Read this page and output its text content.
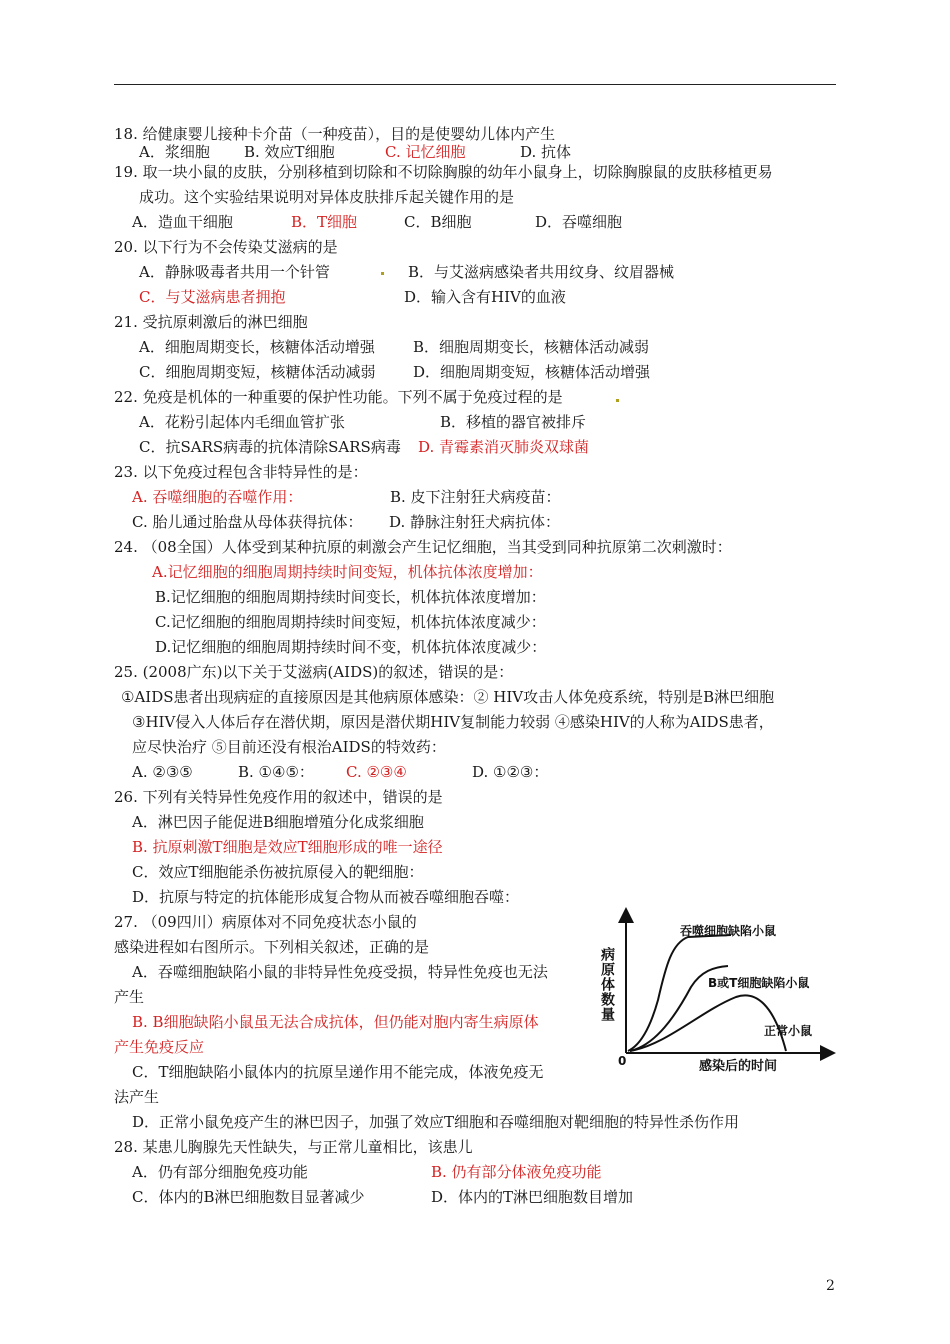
18. 给健康婴儿接种卡介苗（一种疫苗），目的是使婴幼儿体内产生
A．浆细胞 B. 效应T细胞	C. 记忆细胞	D. 抗体
19. 取一块小鼠的皮肤，分别移植到切除和不切除胸腺的幼年小鼠身上，切除胸腺鼠的皮肤移植更易
成功。这个实验结果说明对异体皮肤排斥起关键作用的是
A．造血干细胞	B．T细胞	C．B细胞	D．吞噬细胞
20. 以下行为不会传染艾滋病的是
A．静脉吸毒者共用一个针管	B．与艾滋病感染者共用纹身、纹眉器械
C．与艾滋病患者拥抱	D．输入含有HIV的血液
21. 受抗原刺激后的淋巴细胞
A．细胞周期变长，核糖体活动增强	B．细胞周期变长，核糖体活动减弱
C．细胞周期变短，核糖体活动减弱	D．细胞周期变短，核糖体活动增强
22. 免疫是机体的一种重要的保护性功能。下列不属于免疫过程的是
A．花粉引起体内毛细血管扩张	B．移植的器官被排斥
C．抗SARS病毒的抗体清除SARS病毒 D. 青霉素消灭肺炎双球菌
23. 以下免疫过程包含非特异性的是：
A. 吞噬细胞的吞噬作用：	B. 皮下注射狂犬病疫苗：
C. 胎儿通过胎盘从母体获得抗体： D. 静脉注射狂犬病抗体：
24. （08全国）人体受到某种抗原的刺激会产生记忆细胞，当其受到同种抗原第二次刺激时：
A.记忆细胞的细胞周期持续时间变短，机体抗体浓度增加：
B.记忆细胞的细胞周期持续时间变长，机体抗体浓度增加：
C.记忆细胞的细胞周期持续时间变短，机体抗体浓度减少：
D.记忆细胞的细胞周期持续时间不变，机体抗体浓度减少：
25. (2008广东)以下关于艾滋病(AIDS)的叙述，错误的是：
①AIDS患者出现病症的直接原因是其他病原体感染：② HIV攻击人体免疫系统，特别是B淋巴细胞
③HIV侵入人体后存在潜伏期，原因是潜伏期HIV复制能力较弱 ④感染HIV的人称为AIDS患者，
应尽快治疗 ⑤目前还没有根治AIDS的特效药：
A. ②③⑤	B. ①④⑤： C. ②③④	D. ①②③：
26. 下列有关特异性免疫作用的叙述中，错误的是
A．淋巴因子能促进B细胞增殖分化成浆细胞
B. 抗原刺激T细胞是效应T细胞形成的唯一途径
C．效应T细胞能杀伤被抗原侵入的靶细胞：
D．抗原与特定的抗体能形成复合物从而被吞噬细胞吞噬：
27. （09四川）病原体对不同免疫状态小鼠的
感染进程如右图所示。下列相关叙述，正确的是
A．吞噬细胞缺陷小鼠的非特异性免疫受损，特异性免疫也无法
产生
B. B细胞缺陷小鼠虽无法合成抗体，但仍能对胞内寄生病原体
产生免疫反应
C．T细胞缺陷小鼠体内的抗原呈递作用不能完成，体液免疫无
法产生
D．正常小鼠免疫产生的淋巴因子，加强了效应T细胞和吞噬细胞对靶细胞的特异性杀伤作用
病原体数量
0	感染后的时间
吞噬细胞缺陷小鼠
B或T细胞缺陷小鼠
正常小鼠
28. 某患儿胸腺先天性缺失，与正常儿童相比，该患儿
A．仍有部分细胞免疫功能	B. 仍有部分体液免疫功能
C．体内的B淋巴细胞数目显著减少	D．体内的T淋巴细胞数目增加
2
